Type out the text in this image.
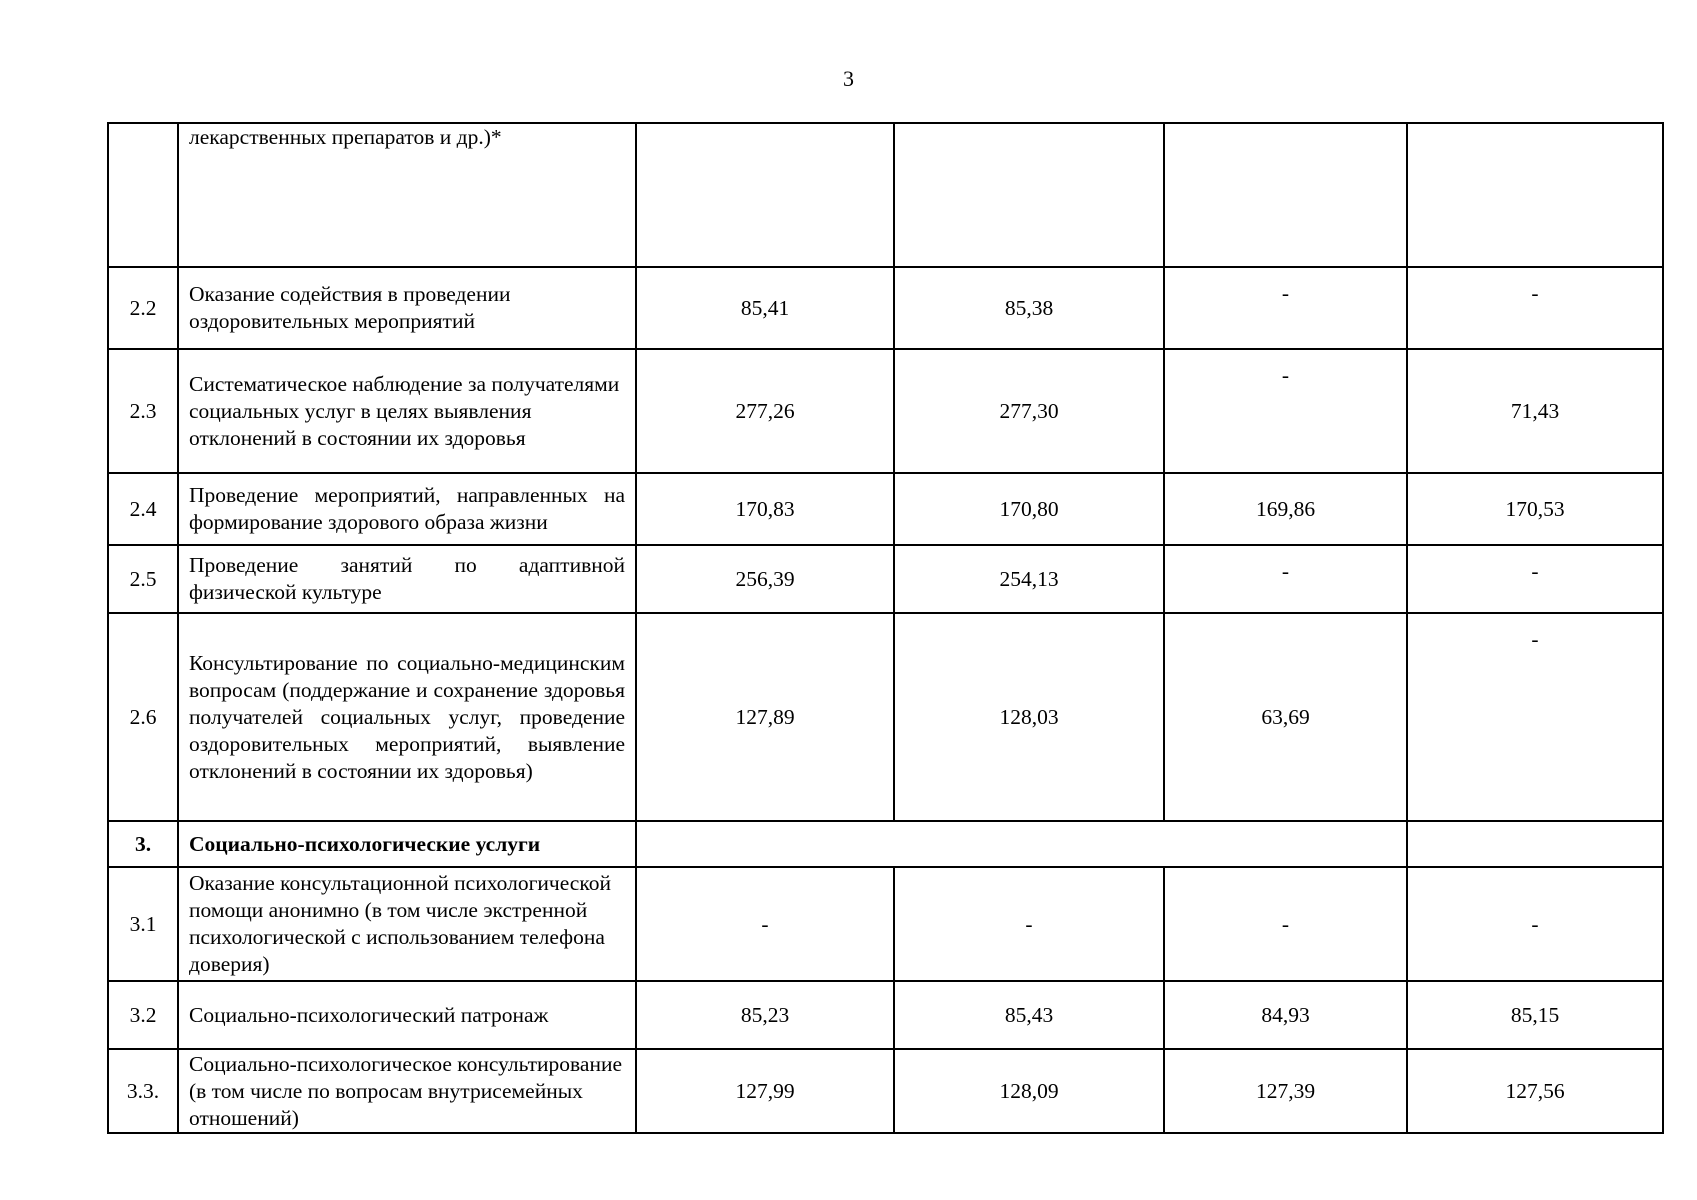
3
	лекарственных препаратов и др.)*				
2.2	Оказание содействия в проведении оздоровительных мероприятий	85,41	85,38	-	-
2.3	Систематическое наблюдение за получателями социальных услуг в целях выявления отклонений в состоянии их здоровья	277,26	277,30	-	71,43
2.4	Проведение мероприятий, направленных на формирование здорового образа жизни	170,83	170,80	169,86	170,53
2.5	Проведение занятий по адаптивной физической культуре	256,39	254,13	-	-
2.6	Консультирование по социально-медицинским вопросам (поддержание и сохранение здоровья получателей социальных услуг, проведение оздоровительных мероприятий, выявление отклонений в состоянии их здоровья)	127,89	128,03	63,69	-
3.	Социально-психологические услуги				
3.1	Оказание консультационной психологической помощи анонимно (в том числе экстренной психологической с использованием телефона доверия)	-	-	-	-
3.2	Социально-психологический патронаж	85,23	85,43	84,93	85,15
3.3.	Социально-психологическое консультирование (в том числе по вопросам внутрисемейных отношений)	127,99	128,09	127,39	127,56
